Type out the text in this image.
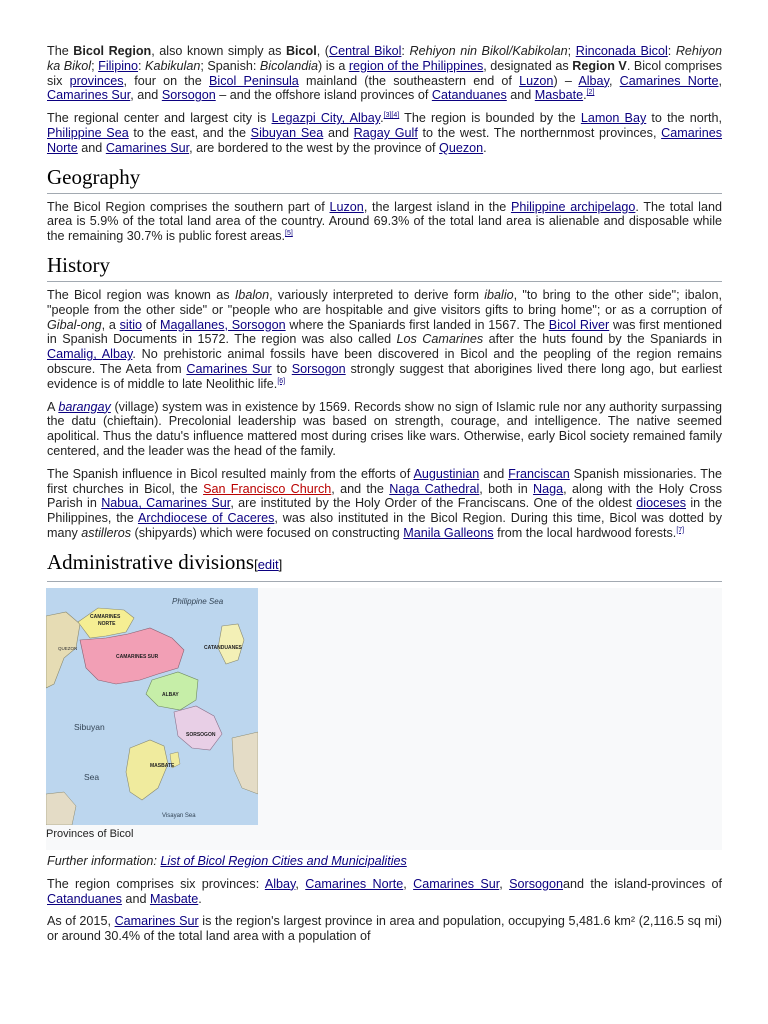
The Bicol Region, also known simply as Bicol, (Central Bikol: Rehiyon nin Bikol/Kabikolan; Rinconada Bicol: Rehiyon ka Bikol; Filipino: Kabikulan; Spanish: Bicolandia) is a region of the Philippines, designated as Region V. Bicol comprises six provinces, four on the Bicol Peninsula mainland (the southeastern end of Luzon) – Albay, Camarines Norte, Camarines Sur, and Sorsogon – and the offshore island provinces of Catanduanes and Masbate.[2]

The regional center and largest city is Legazpi City, Albay.[3][4] The region is bounded by the Lamon Bay to the north, Philippine Sea to the east, and the Sibuyan Sea and Ragay Gulf to the west. The northernmost provinces, Camarines Norte and Camarines Sur, are bordered to the west by the province of Quezon.

Geography

The Bicol Region comprises the southern part of Luzon, the largest island in the Philippine archipelago. The total land area is 5.9% of the total land area of the country. Around 69.3% of the total land area is alienable and disposable while the remaining 30.7% is public forest areas.[5]

History

The Bicol region was known as Ibalon, variously interpreted to derive form ibalio, "to bring to the other side"; ibalon, "people from the other side" or "people who are hospitable and give visitors gifts to bring home"; or as a corruption of Gibal-ong, a sitio of Magallanes, Sorsogon where the Spaniards first landed in 1567. The Bicol River was first mentioned in Spanish Documents in 1572. The region was also called Los Camarines after the huts found by the Spaniards in Camalig, Albay. No prehistoric animal fossils have been discovered in Bicol and the peopling of the region remains obscure. The Aeta from Camarines Sur to Sorsogon strongly suggest that aborigines lived there long ago, but earliest evidence is of middle to late Neolithic life.[6]

A barangay (village) system was in existence by 1569. Records show no sign of Islamic rule nor any authority surpassing the datu (chieftain). Precolonial leadership was based on strength, courage, and intelligence. The native seemed apolitical. Thus the datu's influence mattered most during crises like wars. Otherwise, early Bicol society remained family centered, and the leader was the head of the family.

The Spanish influence in Bicol resulted mainly from the efforts of Augustinian and Franciscan Spanish missionaries. The first churches in Bicol, the San Francisco Church, and the Naga Cathedral, both in Naga, along with the Holy Cross Parish in Nabua, Camarines Sur, are instituted by the Holy Order of the Franciscans. One of the oldest dioceses in the Philippines, the Archdiocese of Caceres, was also instituted in the Bicol Region. During this time, Bicol was dotted by many astilleros (shipyards) which were focused on constructing Manila Galleons from the local hardwood forests.[7]

Administrative divisions[edit]
Philippine Sea
CAMARINES
NORTE
CAMARINES SUR
CATANDUANES
QUEZON
ALBAY
SORSOGON
MASBATE
Sibuyan
Sea
Visayan Sea
Provinces of Bicol
Further information: List of Bicol Region Cities and Municipalities

The region comprises six provinces: Albay, Camarines Norte, Camarines Sur, Sorsogonand the island-provinces of Catanduanes and Masbate.

As of 2015, Camarines Sur is the region's largest province in area and population, occupying 5,481.6 km² (2,116.5 sq mi) or around 30.4% of the total land area with a population of
